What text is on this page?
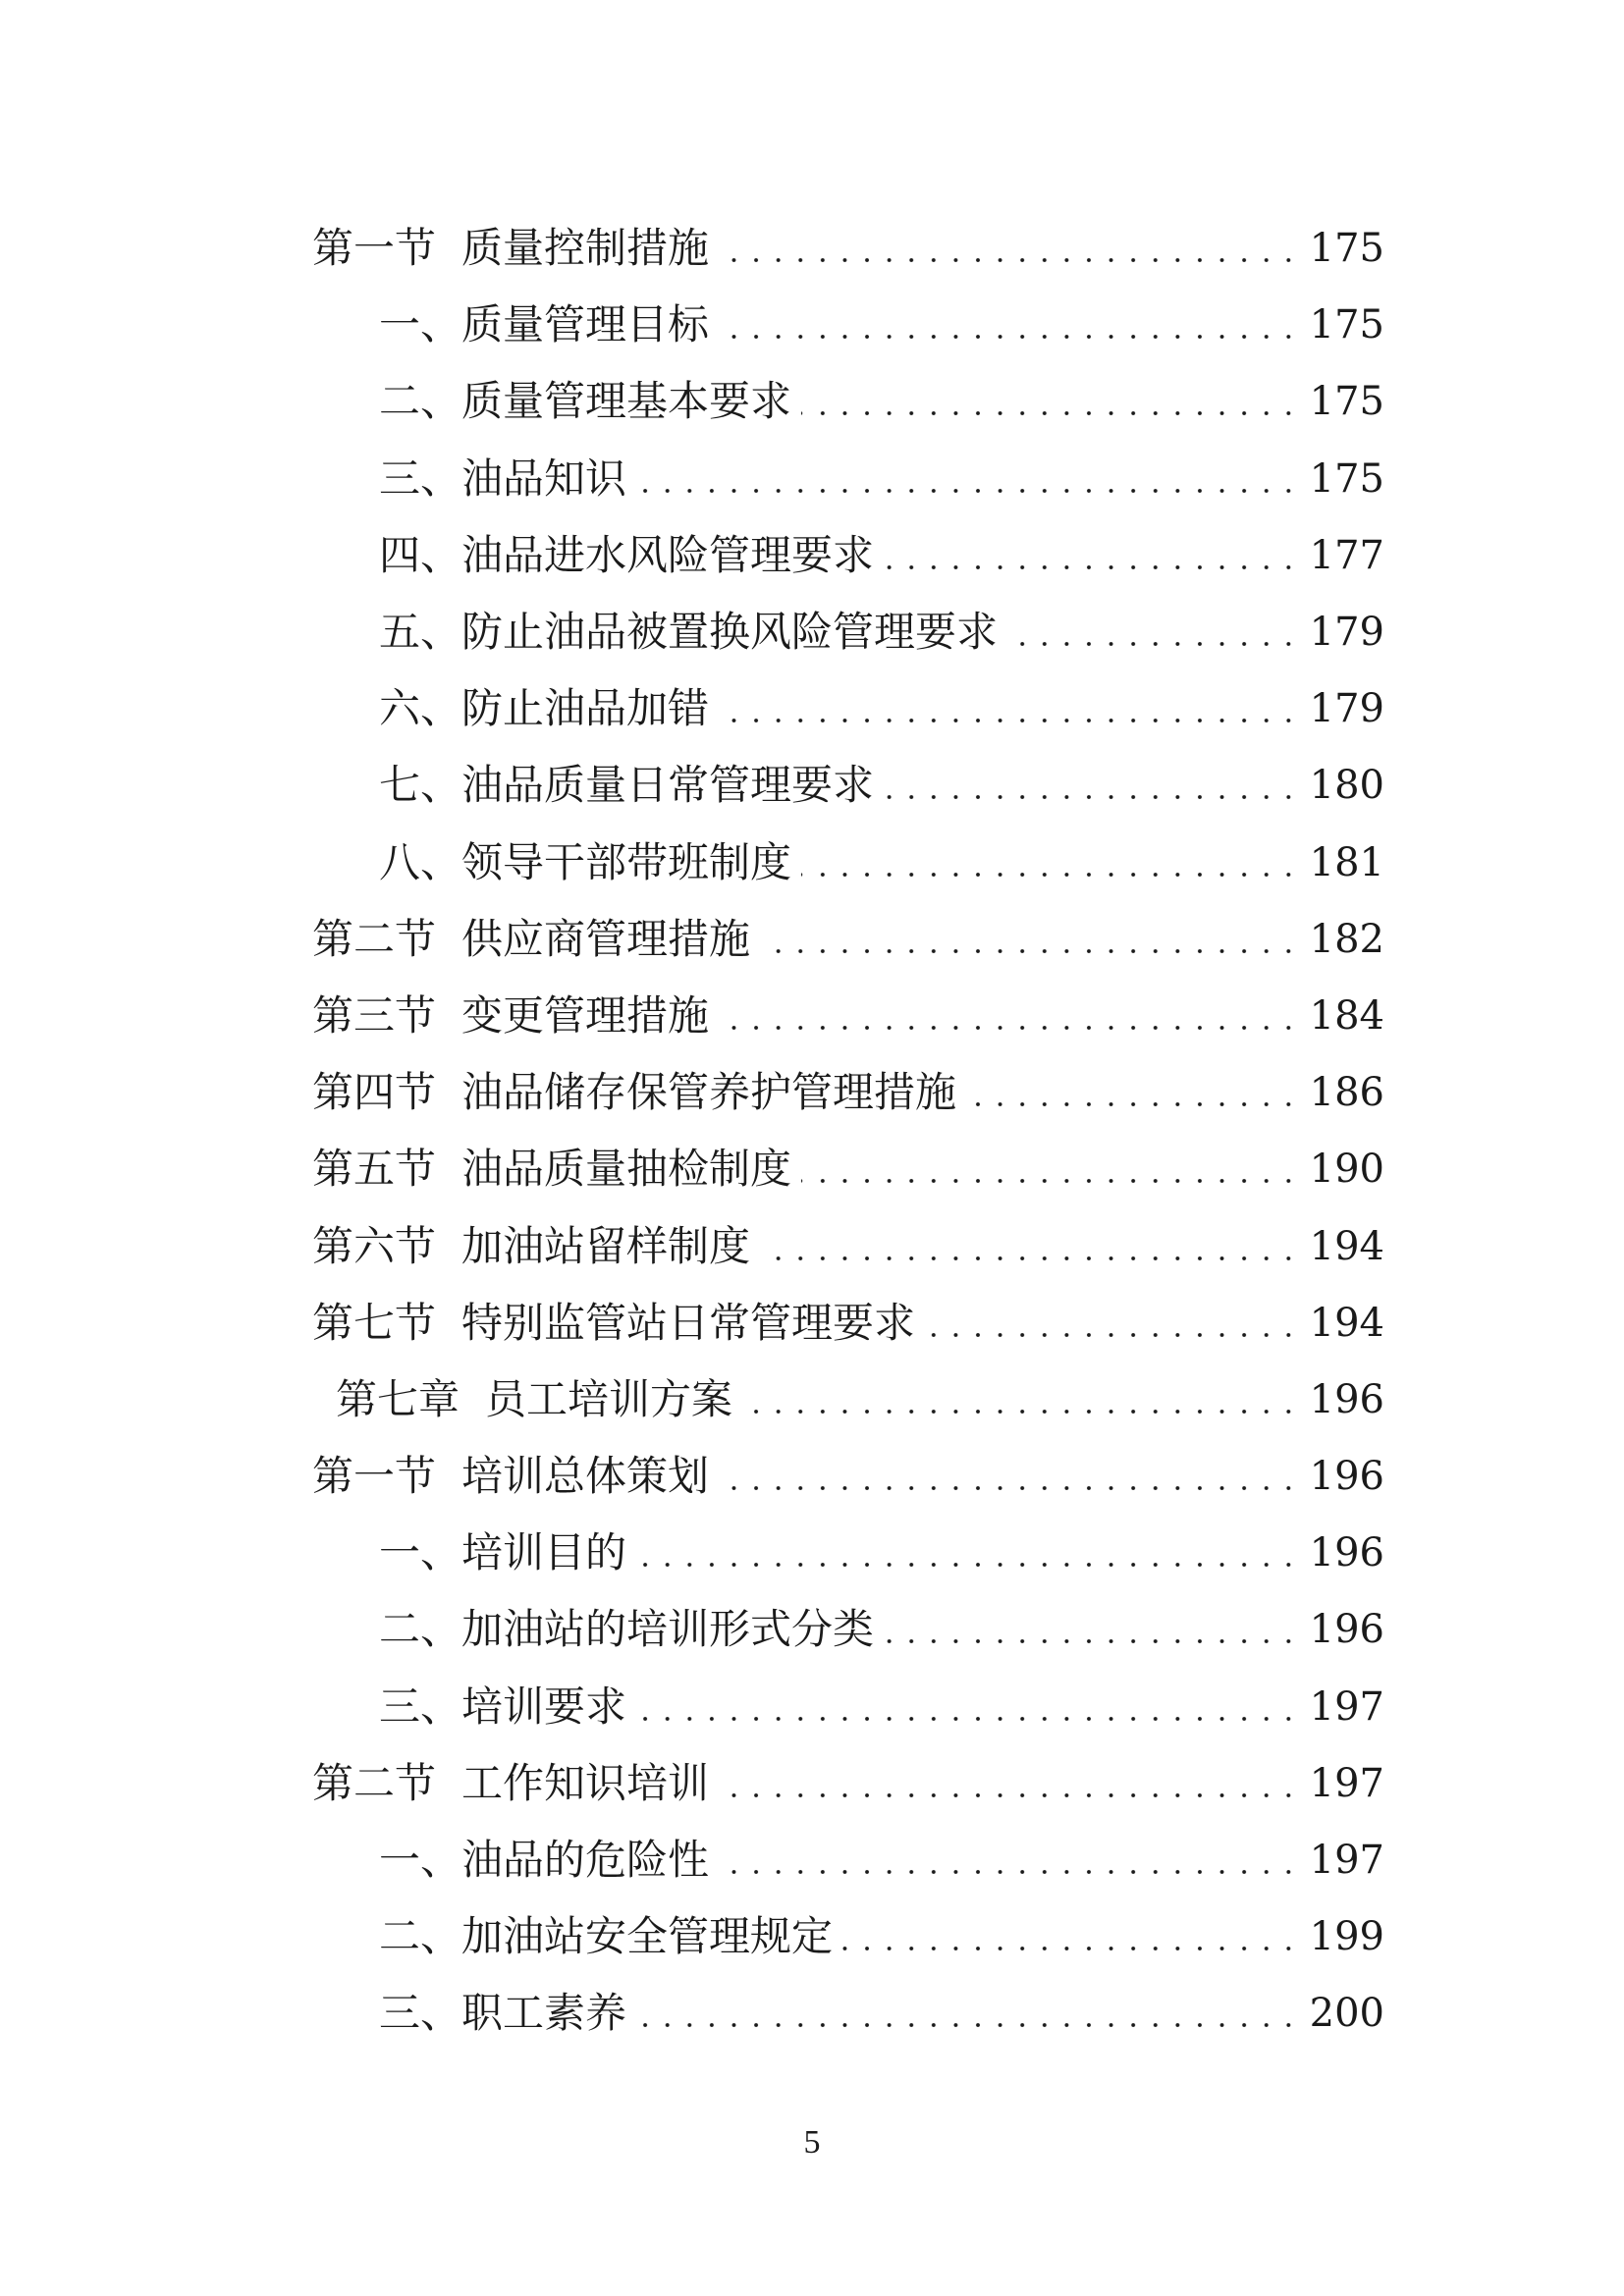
第一节 质量控制措施	175
一、质量管理目标	175
二、质量管理基本要求	175
三、油品知识	175
四、油品进水风险管理要求	177
五、防止油品被置换风险管理要求	179
六、防止油品加错	179
七、油品质量日常管理要求	180
八、领导干部带班制度	181
第二节 供应商管理措施	182
第三节 变更管理措施	184
第四节 油品储存保管养护管理措施	186
第五节 油品质量抽检制度	190
第六节 加油站留样制度	194
第七节 特别监管站日常管理要求	194
第七章 员工培训方案	196
第一节 培训总体策划	196
一、培训目的	196
二、加油站的培训形式分类	196
三、培训要求	197
第二节 工作知识培训	197
一、油品的危险性	197
二、加油站安全管理规定	199
三、职工素养	200
5
